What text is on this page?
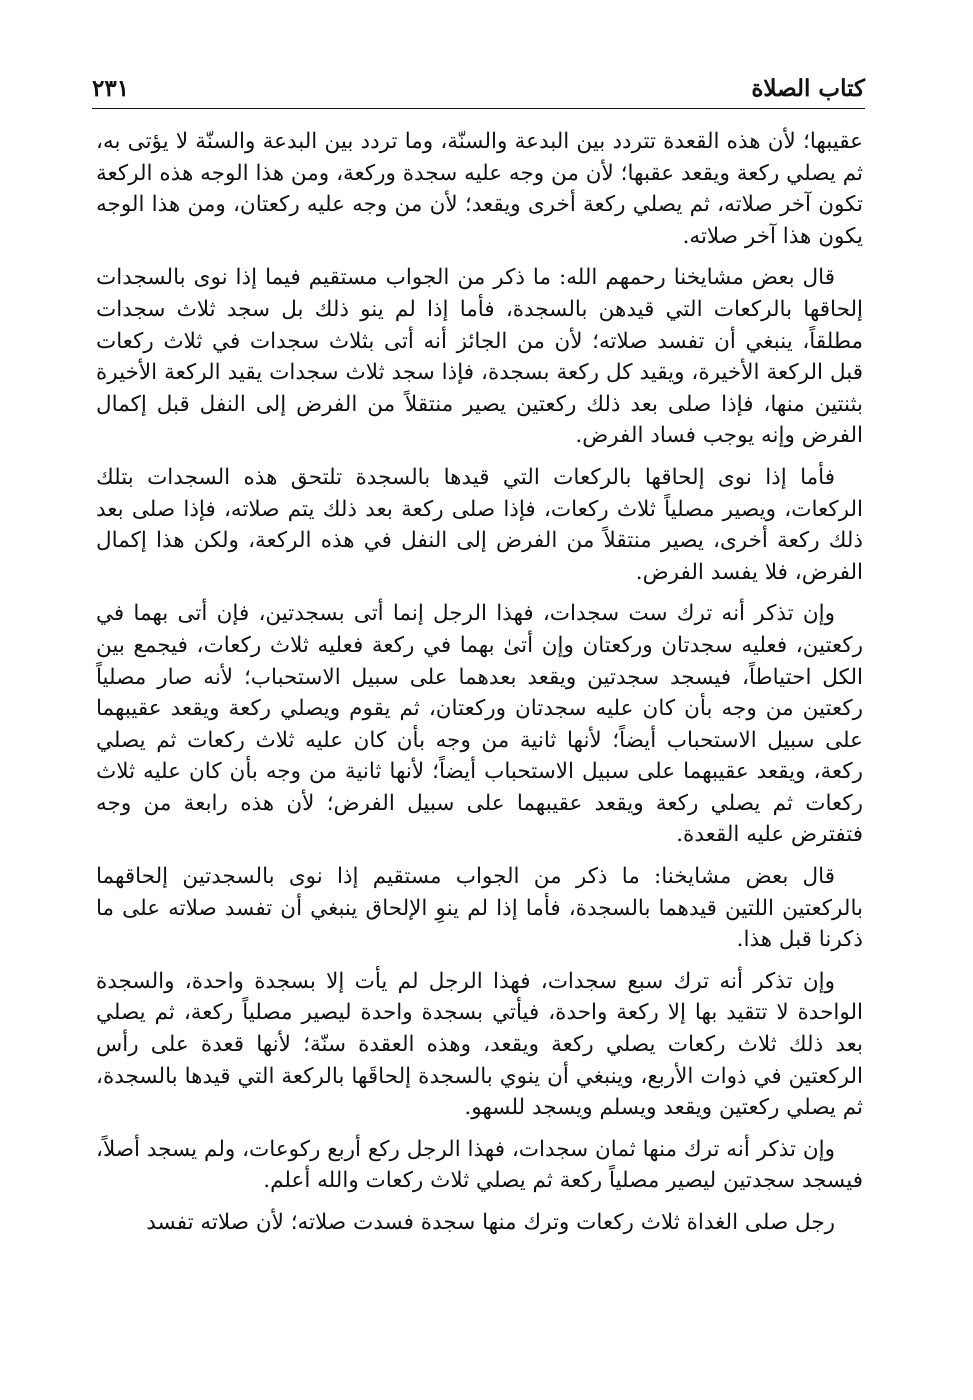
كتاب الصلاة
٢٣١

عقيبها؛ لأن هذه القعدة تتردد بين البدعة والسنّة، وما تردد بين البدعة والسنّة لا يؤتى به، ثم يصلي ركعة ويقعد عقبها؛ لأن من وجه عليه سجدة وركعة، ومن هذا الوجه هذه الركعة تكون آخر صلاته، ثم يصلي ركعة أخرى ويقعد؛ لأن من وجه عليه ركعتان، ومن هذا الوجه يكون هذا آخر صلاته.

قال بعض مشايخنا رحمهم الله: ما ذكر من الجواب مستقيم فيما إذا نوى بالسجدات إلحاقها بالركعات التي قيدهن بالسجدة، فأما إذا لم ينو ذلك بل سجد ثلاث سجدات مطلقاً، ينبغي أن تفسد صلاته؛ لأن من الجائز أنه أتى بثلاث سجدات في ثلاث ركعات قبل الركعة الأخيرة، ويقيد كل ركعة بسجدة، فإذا سجد ثلاث سجدات يقيد الركعة الأخيرة بثنتين منها، فإذا صلى بعد ذلك ركعتين يصير منتقلاً من الفرض إلى النفل قبل إكمال الفرض وإنه يوجب فساد الفرض.

فأما إذا نوى إلحاقها بالركعات التي قيدها بالسجدة تلتحق هذه السجدات بتلك الركعات، ويصير مصلياً ثلاث ركعات، فإذا صلى ركعة بعد ذلك يتم صلاته، فإذا صلى بعد ذلك ركعة أخرى، يصير منتقلاً من الفرض إلى النفل في هذه الركعة، ولكن هذا إكمال الفرض، فلا يفسد الفرض.

وإن تذكر أنه ترك ست سجدات، فهذا الرجل إنما أتى بسجدتين، فإن أتى بهما في ركعتين، فعليه سجدتان وركعتان وإن أتىٰ بهما في ركعة فعليه ثلاث ركعات، فيجمع بين الكل احتياطاً، فيسجد سجدتين ويقعد بعدهما على سبيل الاستحباب؛ لأنه صار مصلياً ركعتين من وجه بأن كان عليه سجدتان وركعتان، ثم يقوم ويصلي ركعة ويقعد عقيبهما على سبيل الاستحباب أيضاً؛ لأنها ثانية من وجه بأن كان عليه ثلاث ركعات ثم يصلي ركعة، ويقعد عقيبهما على سبيل الاستحباب أيضاً؛ لأنها ثانية من وجه بأن كان عليه ثلاث ركعات ثم يصلي ركعة ويقعد عقيبهما على سبيل الفرض؛ لأن هذه رابعة من وجه فتفترض عليه القعدة.

قال بعض مشايخنا: ما ذكر من الجواب مستقيم إذا نوى بالسجدتين إلحاقهما بالركعتين اللتين قيدهما بالسجدة، فأما إذا لم ينوِ الإلحاق ينبغي أن تفسد صلاته على ما ذكرنا قبل هذا.

وإن تذكر أنه ترك سبع سجدات، فهذا الرجل لم يأت إلا بسجدة واحدة، والسجدة الواحدة لا تتقيد بها إلا ركعة واحدة، فيأتي بسجدة واحدة ليصير مصلياً ركعة، ثم يصلي بعد ذلك ثلاث ركعات يصلي ركعة ويقعد، وهذه العقدة سنّة؛ لأنها قعدة على رأس الركعتين في ذوات الأربع، وينبغي أن ينوي بالسجدة إلحاقَها بالركعة التي قيدها بالسجدة، ثم يصلي ركعتين ويقعد ويسلم ويسجد للسهو.

وإن تذكر أنه ترك منها ثمان سجدات، فهذا الرجل ركع أربع ركوعات، ولم يسجد أصلاً، فيسجد سجدتين ليصير مصلياً ركعة ثم يصلي ثلاث ركعات والله أعلم.

رجل صلى الغداة ثلاث ركعات وترك منها سجدة فسدت صلاته؛ لأن صلاته تفسد
